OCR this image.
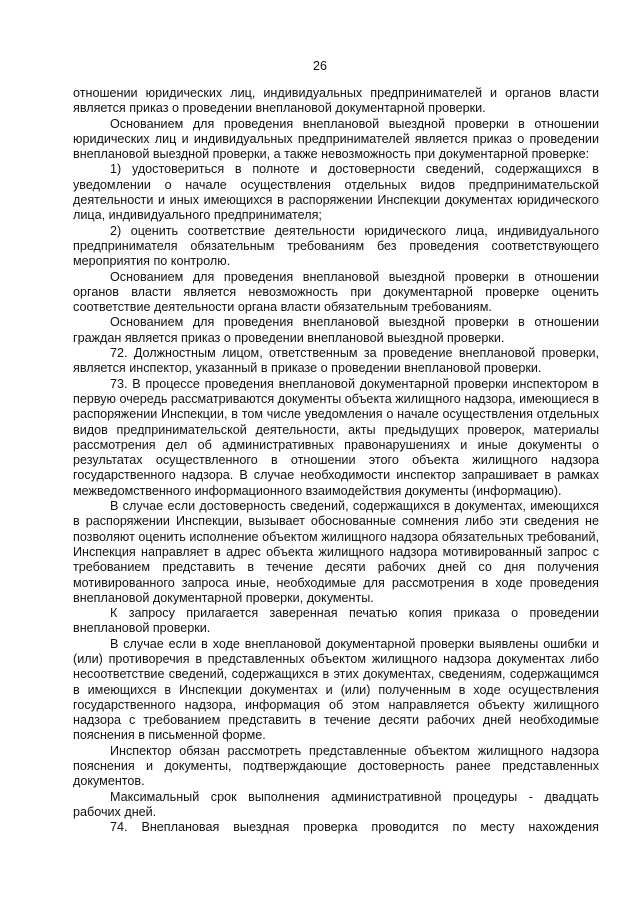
26

отношении юридических лиц, индивидуальных предпринимателей и органов власти является приказ о проведении внеплановой документарной проверки.

Основанием для проведения внеплановой выездной проверки в отношении юридических лиц и индивидуальных предпринимателей является приказ о проведении внеплановой выездной проверки, а также невозможность при документарной проверке:

1) удостовериться в полноте и достоверности сведений, содержащихся в уведомлении о начале осуществления отдельных видов предпринимательской деятельности и иных имеющихся в распоряжении Инспекции документах юридического лица, индивидуального предпринимателя;

2) оценить соответствие деятельности юридического лица, индивидуального предпринимателя обязательным требованиям без проведения соответствующего мероприятия по контролю.

Основанием для проведения внеплановой выездной проверки в отношении органов власти является невозможность при документарной проверке оценить соответствие деятельности органа власти обязательным требованиям.

Основанием для проведения внеплановой выездной проверки в отношении граждан является приказ о проведении внеплановой выездной проверки.

72. Должностным лицом, ответственным за проведение внеплановой проверки, является инспектор, указанный в приказе о проведении внеплановой проверки.

73. В процессе проведения внеплановой документарной проверки инспектором в первую очередь рассматриваются документы объекта жилищного надзора, имеющиеся в распоряжении Инспекции, в том числе уведомления о начале осуществления отдельных видов предпринимательской деятельности, акты предыдущих проверок, материалы рассмотрения дел об административных правонарушениях и иные документы о результатах осуществленного в отношении этого объекта жилищного надзора государственного надзора. В случае необходимости инспектор запрашивает в рамках межведомственного информационного взаимодействия документы (информацию).

В случае если достоверность сведений, содержащихся в документах, имеющихся в распоряжении Инспекции, вызывает обоснованные сомнения либо эти сведения не позволяют оценить исполнение объектом жилищного надзора обязательных требований, Инспекция направляет в адрес объекта жилищного надзора мотивированный запрос с требованием представить в течение десяти рабочих дней со дня получения мотивированного запроса иные, необходимые для рассмотрения в ходе проведения внеплановой документарной проверки, документы.

К запросу прилагается заверенная печатью копия приказа о проведении внеплановой проверки.

В случае если в ходе внеплановой документарной проверки выявлены ошибки и (или) противоречия в представленных объектом жилищного надзора документах либо несоответствие сведений, содержащихся в этих документах, сведениям, содержащимся в имеющихся в Инспекции документах и (или) полученным в ходе осуществления государственного надзора, информация об этом направляется объекту жилищного надзора с требованием представить в течение десяти рабочих дней необходимые пояснения в письменной форме.

Инспектор обязан рассмотреть представленные объектом жилищного надзора пояснения и документы, подтверждающие достоверность ранее представленных документов.

Максимальный срок выполнения административной процедуры - двадцать рабочих дней.

74. Внеплановая выездная проверка проводится по месту нахождения
